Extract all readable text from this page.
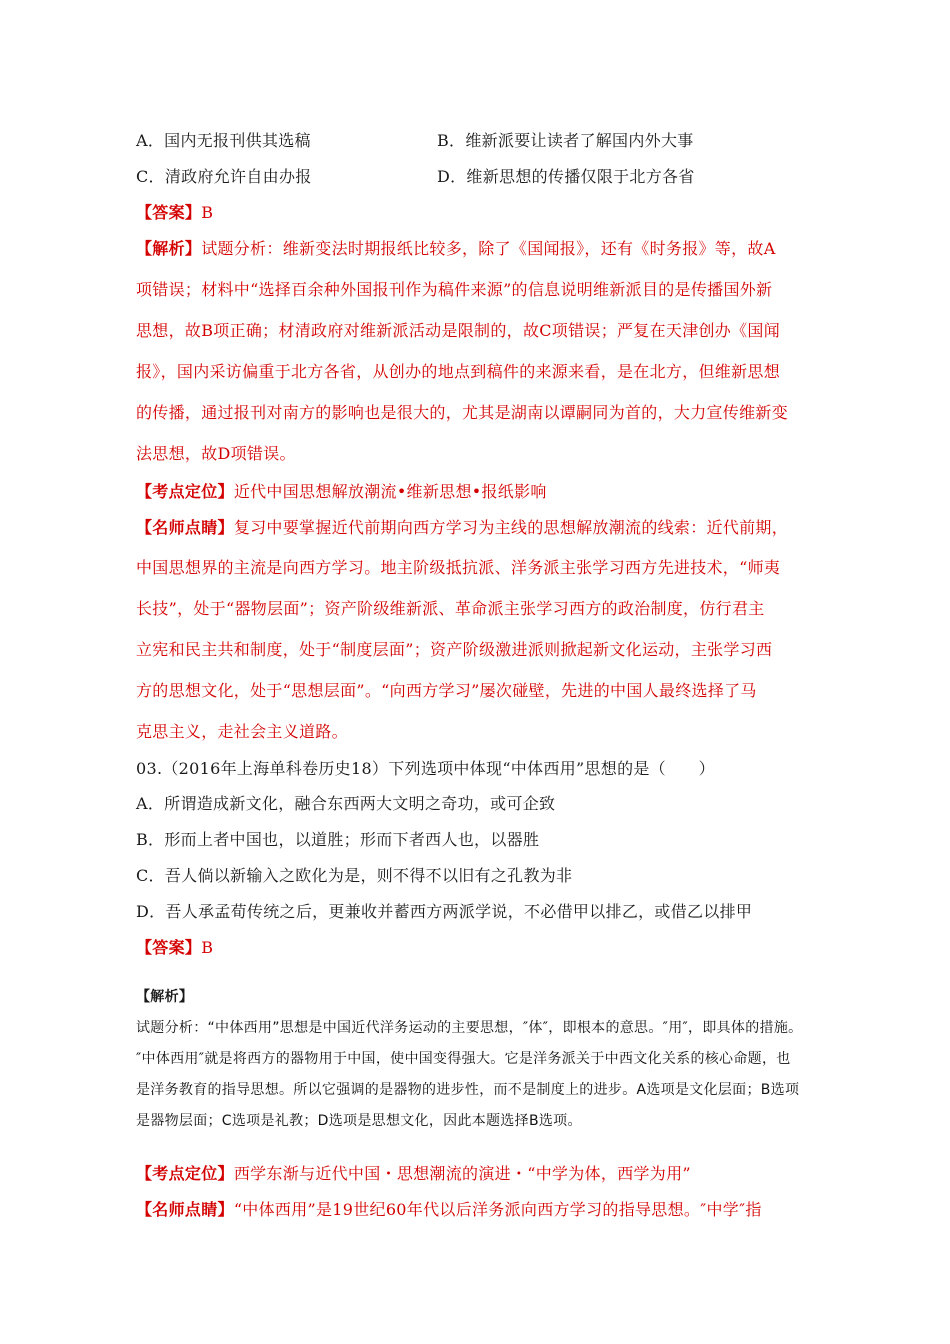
A．国内无报刊供其选稿	B．维新派要让读者了解国内外大事
C．清政府允许自由办报	D．维新思想的传播仅限于北方各省
【答案】B
【解析】试题分析：维新变法时期报纸比较多，除了《国闻报》，还有《时务报》等，故A
项错误；材料中“选择百余种外国报刊作为稿件来源”的信息说明维新派目的是传播国外新
思想，故B项正确；材清政府对维新派活动是限制的，故C项错误；严复在天津创办《国闻
报》，国内采访偏重于北方各省，从创办的地点到稿件的来源来看，是在北方，但维新思想
的传播，通过报刊对南方的影响也是很大的，尤其是湖南以谭嗣同为首的，大力宣传维新变
法思想，故D项错误。
【考点定位】近代中国思想解放潮流•维新思想•报纸影响
【名师点睛】复习中要掌握近代前期向西方学习为主线的思想解放潮流的线索：近代前期，
中国思想界的主流是向西方学习。地主阶级抵抗派、洋务派主张学习西方先进技术，“师夷
长技”，处于“器物层面”；资产阶级维新派、革命派主张学习西方的政治制度，仿行君主
立宪和民主共和制度，处于“制度层面”；资产阶级激进派则掀起新文化运动，主张学习西
方的思想文化，处于“思想层面”。“向西方学习”屡次碰壁，先进的中国人最终选择了马
克思主义，走社会主义道路。
03.（2016年上海单科卷历史18）下列选项中体现“中体西用”思想的是（　　）
A．所谓造成新文化，融合东西两大文明之奇功，或可企致
B．形而上者中国也，以道胜；形而下者西人也，以器胜
C．吾人倘以新输入之欧化为是，则不得不以旧有之孔教为非
D．吾人承孟荀传统之后，更兼收并蓄西方两派学说，不必借甲以排乙，或借乙以排甲
【答案】B
【解析】
试题分析：“中体西用”思想是中国近代洋务运动的主要思想，″体″，即根本的意思。″用″，即具体的措施。
″中体西用″就是将西方的器物用于中国，使中国变得强大。它是洋务派关于中西文化关系的核心命题，也
是洋务教育的指导思想。所以它强调的是器物的进步性，而不是制度上的进步。A选项是文化层面；B选项
是器物层面；C选项是礼教；D选项是思想文化，因此本题选择B选项。
【考点定位】西学东渐与近代中国・思想潮流的演进・“中学为体，西学为用”
【名师点睛】“中体西用”是19世纪60年代以后洋务派向西方学习的指导思想。″中学″指
